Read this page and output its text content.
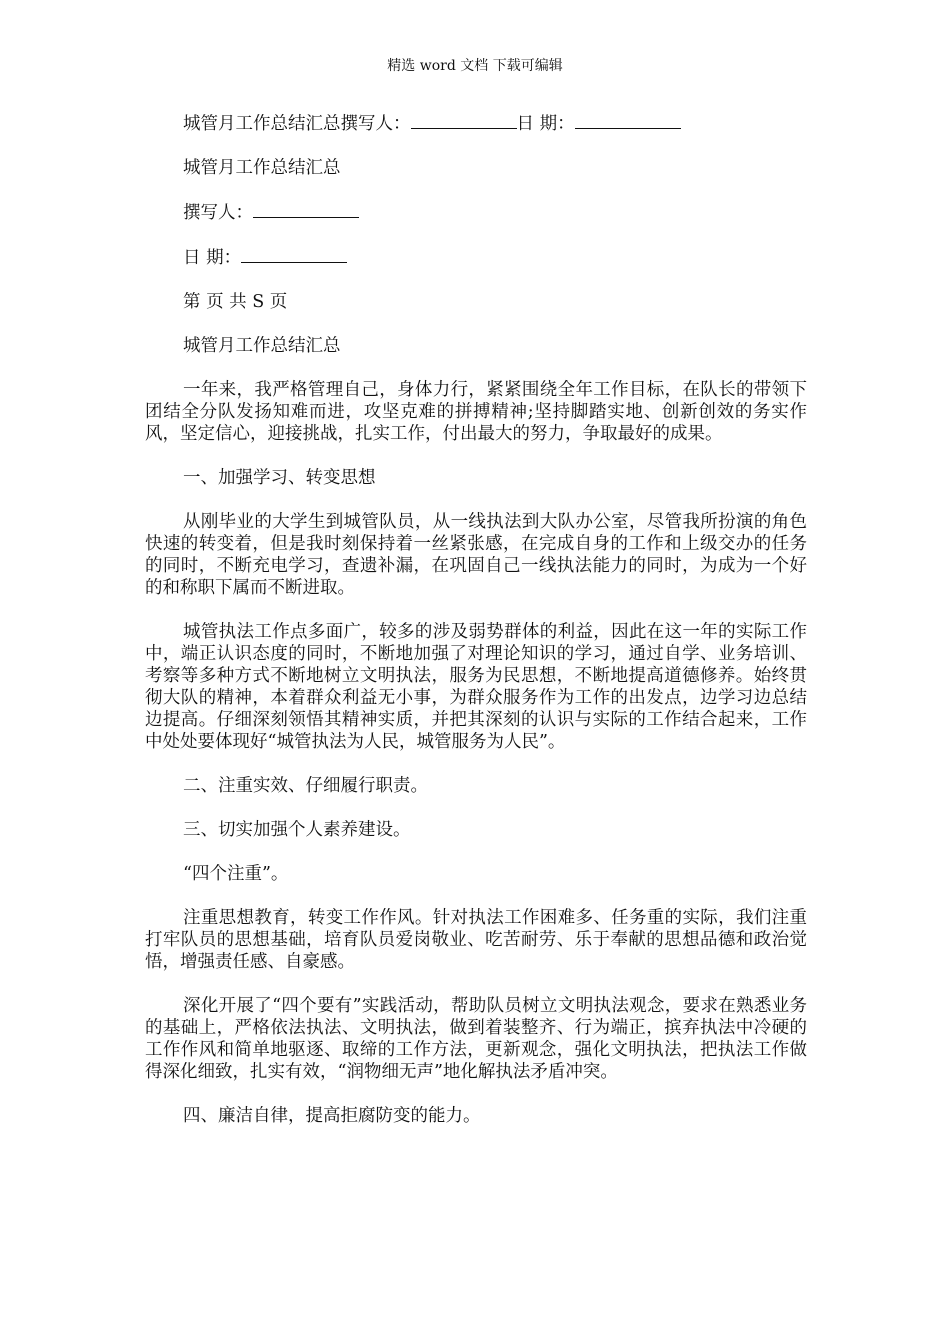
精选 word 文档 下载可编辑
城管月工作总结汇总撰写人：	日 期：
城管月工作总结汇总
撰写人：
日 期：
第 页 共 S 页
城管月工作总结汇总

一年来，我严格管理自己，身体力行，紧紧围绕全年工作目标，在队长的带领下团结全分队发扬知难而进，攻坚克难的拼搏精神;坚持脚踏实地、创新创效的务实作风，坚定信心，迎接挑战，扎实工作，付出最大的努力，争取最好的成果。

一、加强学习、转变思想

从刚毕业的大学生到城管队员，从一线执法到大队办公室，尽管我所扮演的角色快速的转变着，但是我时刻保持着一丝紧张感，在完成自身的工作和上级交办的任务的同时，不断充电学习，查遗补漏，在巩固自己一线执法能力的同时，为成为一个好的和称职下属而不断进取。

城管执法工作点多面广，较多的涉及弱势群体的利益，因此在这一年的实际工作中，端正认识态度的同时，不断地加强了对理论知识的学习，通过自学、业务培训、考察等多种方式不断地树立文明执法，服务为民思想，不断地提高道德修养。始终贯彻大队的精神，本着群众利益无小事，为群众服务作为工作的出发点，边学习边总结边提高。仔细深刻领悟其精神实质，并把其深刻的认识与实际的工作结合起来，工作中处处要体现好“城管执法为人民，城管服务为人民”。

二、注重实效、仔细履行职责。
三、切实加强个人素养建设。
“四个注重”。

注重思想教育，转变工作作风。针对执法工作困难多、任务重的实际，我们注重打牢队员的思想基础，培育队员爱岗敬业、吃苦耐劳、乐于奉献的思想品德和政治觉悟，增强责任感、自豪感。

深化开展了“四个要有”实践活动，帮助队员树立文明执法观念，要求在熟悉业务的基础上，严格依法执法、文明执法，做到着装整齐、行为端正，摈弃执法中冷硬的工作作风和简单地驱逐、取缔的工作方法，更新观念，强化文明执法，把执法工作做得深化细致，扎实有效，“润物细无声”地化解执法矛盾冲突。

四、廉洁自律，提高拒腐防变的能力。
